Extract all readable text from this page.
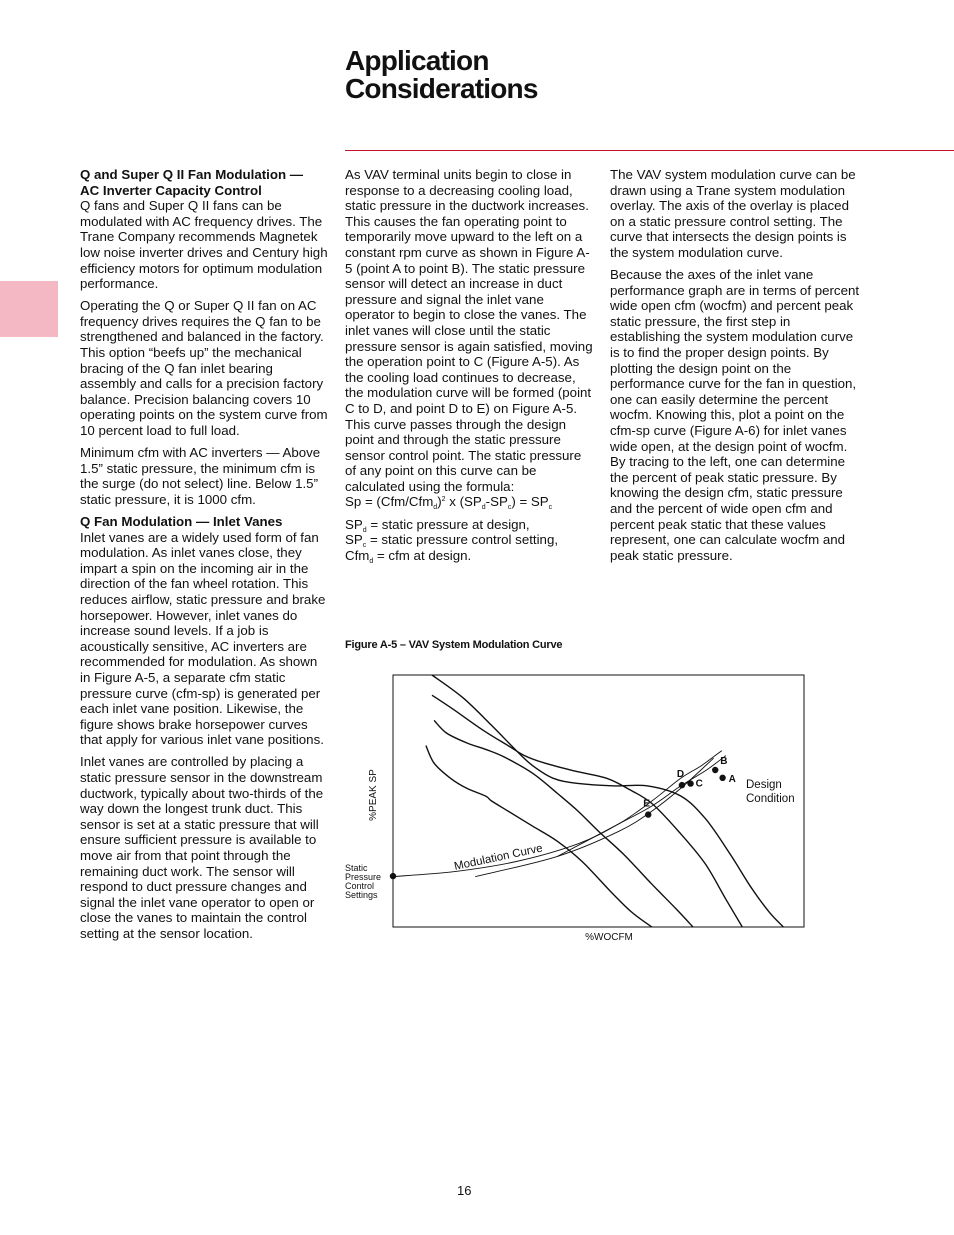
Application
Considerations

Q and Super Q II Fan Modulation —
AC Inverter Capacity Control
Q fans and Super Q II fans can be modulated with AC frequency drives. The Trane Company recommends Magnetek low noise inverter drives and Century high efficiency motors for optimum modulation performance.

Operating the Q or Super Q II fan on AC frequency drives requires the Q fan to be strengthened and balanced in the factory. This option “beefs up” the mechanical bracing of the Q fan inlet bearing assembly and calls for a precision factory balance. Precision balancing covers 10 operating points on the system curve from 10 percent load to full load.

Minimum cfm with AC inverters — Above 1.5” static pressure, the minimum cfm is the surge (do not select) line. Below 1.5” static pressure, it is 1000 cfm.

Q Fan Modulation — Inlet Vanes
Inlet vanes are a widely used form of fan modulation. As inlet vanes close, they impart a spin on the incoming air in the direction of the fan wheel rotation. This reduces airflow, static pressure and brake horsepower. However, inlet vanes do increase sound levels. If a job is acoustically sensitive, AC inverters are recommended for modulation. As shown in Figure A-5, a separate cfm static pressure curve (cfm-sp) is generated per each inlet vane position. Likewise, the figure shows brake horsepower curves that apply for various inlet vane positions.

Inlet vanes are controlled by placing a static pressure sensor in the downstream ductwork, typically about two-thirds of the way down the longest trunk duct. This sensor is set at a static pressure that will ensure sufficient pressure is available to move air from that point through the remaining duct work. The sensor will respond to duct pressure changes and signal the inlet vane operator to open or close the vanes to maintain the control setting at the sensor location.

As VAV terminal units begin to close in response to a decreasing cooling load, static pressure in the ductwork increases. This causes the fan operating point to temporarily move upward to the left on a constant rpm curve as shown in Figure A-5 (point A to point B). The static pressure sensor will detect an increase in duct pressure and signal the inlet vane operator to begin to close the vanes. The inlet vanes will close until the static pressure sensor is again satisfied, moving the operation point to C (Figure A-5). As the cooling load continues to decrease, the modulation curve will be formed (point C to D, and point D to E) on Figure A-5. This curve passes through the design point and through the static pressure sensor control point. The static pressure of any point on this curve can be calculated using the formula:
$Sp = (Cfm/Cfm_d)^2$ x $(SP_d-SP_c) = SP_c$

$SP_d$ = static pressure at design,
$SP_c$ = static pressure control setting,
Cfm$_d$ = cfm at design.

The VAV system modulation curve can be drawn using a Trane system modulation overlay. The axis of the overlay is placed on a static pressure control setting. The curve that intersects the design points is the system modulation curve.

Because the axes of the inlet vane performance graph are in terms of percent wide open cfm (wocfm) and percent peak static pressure, the first step in establishing the system modulation curve is to find the proper design points. By plotting the design point on the performance curve for the fan in question, one can easily determine the percent wocfm. Knowing this, plot a point on the cfm-sp curve (Figure A-6) for inlet vanes wide open, at the design point of wocfm. By tracing to the left, one can determine the percent of peak static pressure. By knowing the design cfm, static pressure and the percent of wide open cfm and percent peak static that these values represent, one can calculate wocfm and peak static pressure.

Figure A-5 – VAV System Modulation Curve
A
B
C
D
E
Design
Condition
Static
Pressure
Control
Settings
Modulation Curve
%WOCFM
%PEAK SP
16
